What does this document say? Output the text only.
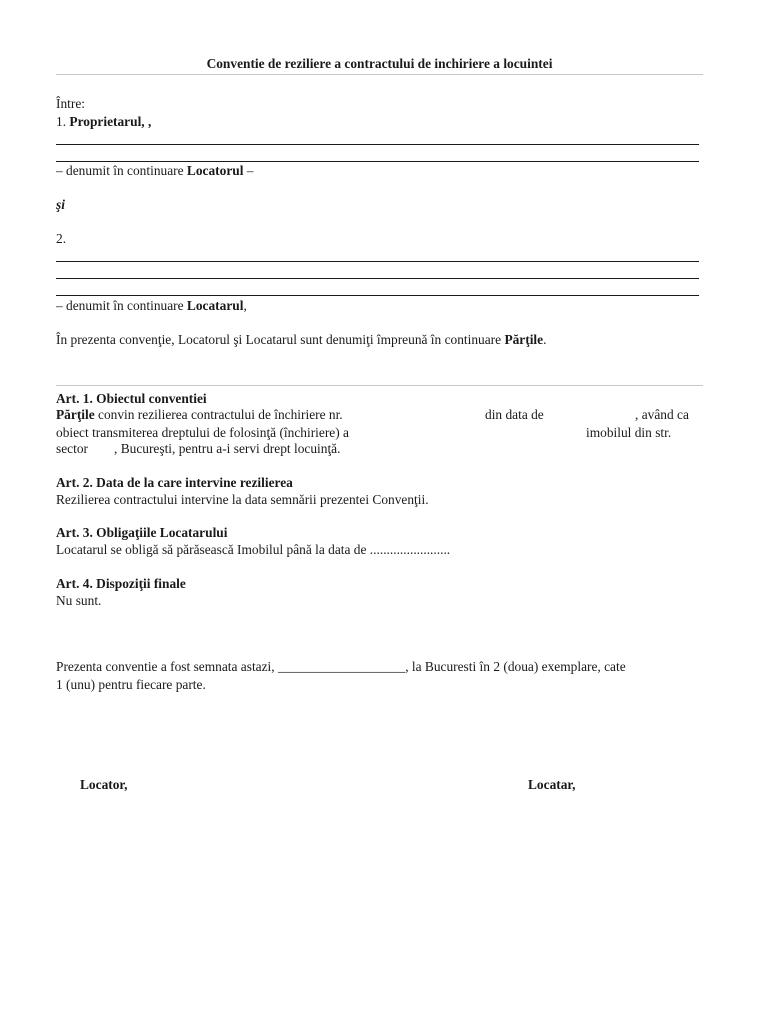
Conventie de reziliere a contractului de inchiriere a locuintei
Între:
1. Proprietarul, ,
– denumit în continuare Locatorul –
şi
2.
– denumit în continuare Locatarul,
În prezenta convenţie, Locatorul şi Locatarul sunt denumiţi împreună în continuare Părţile.
Art. 1. Obiectul conventiei
Părţile convin rezilierea contractului de închiriere nr.	din data de	, având ca
obiect transmiterea dreptului de folosinţă (închiriere) a	imobilul din str.
sector , Bucureşti, pentru a-i servi drept locuinţă.
Art. 2. Data de la care intervine rezilierea
Rezilierea contractului intervine la data semnării prezentei Convenţii.
Art. 3. Obligaţiile Locatarului
Locatarul se obligă să părăsească Imobilul până la data de ........................
Art. 4. Dispoziţii finale
Nu sunt.
Prezenta conventie a fost semnata astazi, ___________________, la Bucuresti în 2 (doua) exemplare, cate
1 (unu) pentru fiecare parte.
Locator,	Locatar,
